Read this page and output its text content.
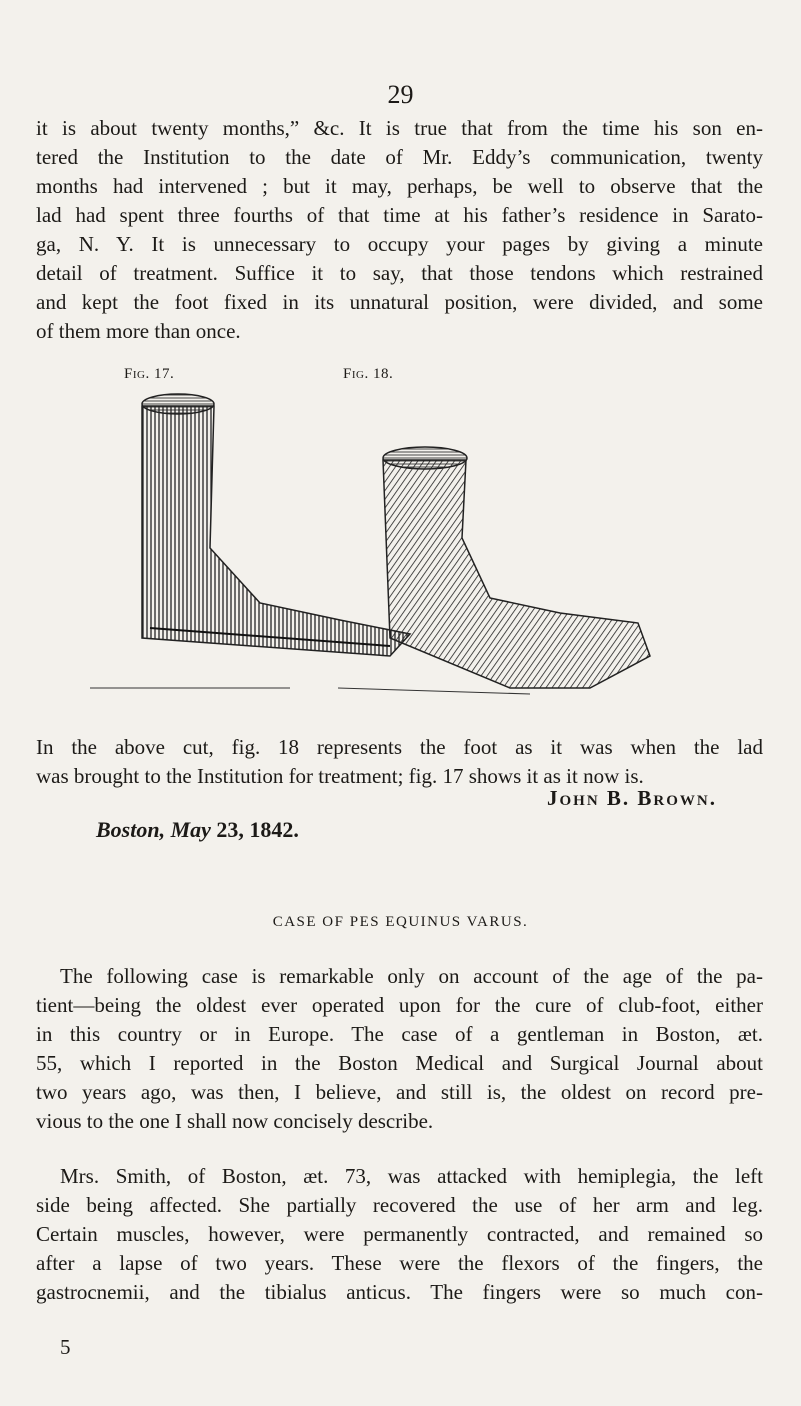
29

it is about twenty months,” &c. It is true that from the time his son en-

tered the Institution to the date of Mr. Eddy’s communication, twenty

months had intervened ; but it may, perhaps, be well to observe that the

lad had spent three fourths of that time at his father’s residence in Sarato-

ga, N. Y. It is unnecessary to occupy your pages by giving a minute

detail of treatment. Suffice it to say, that those tendons which restrained

and kept the foot fixed in its unnatural position, were divided, and some

of them more than once.

Fig. 17.	Fig. 18.

In the above cut, fig. 18 represents the foot as it was when the lad

was brought to the Institution for treatment; fig. 17 shows it as it now is.

John B. Brown.
Boston, May 23, 1842.
CASE OF PES EQUINUS VARUS.

The following case is remarkable only on account of the age of the pa-

tient—being the oldest ever operated upon for the cure of club-foot, either

in this country or in Europe. The case of a gentleman in Boston, æt.

55, which I reported in the Boston Medical and Surgical Journal about

two years ago, was then, I believe, and still is, the oldest on record pre-

vious to the one I shall now concisely describe.

Mrs. Smith, of Boston, æt. 73, was attacked with hemiplegia, the left

side being affected. She partially recovered the use of her arm and leg.

Certain muscles, however, were permanently contracted, and remained so

after a lapse of two years. These were the flexors of the fingers, the

gastrocnemii, and the tibialus anticus. The fingers were so much con-

5
